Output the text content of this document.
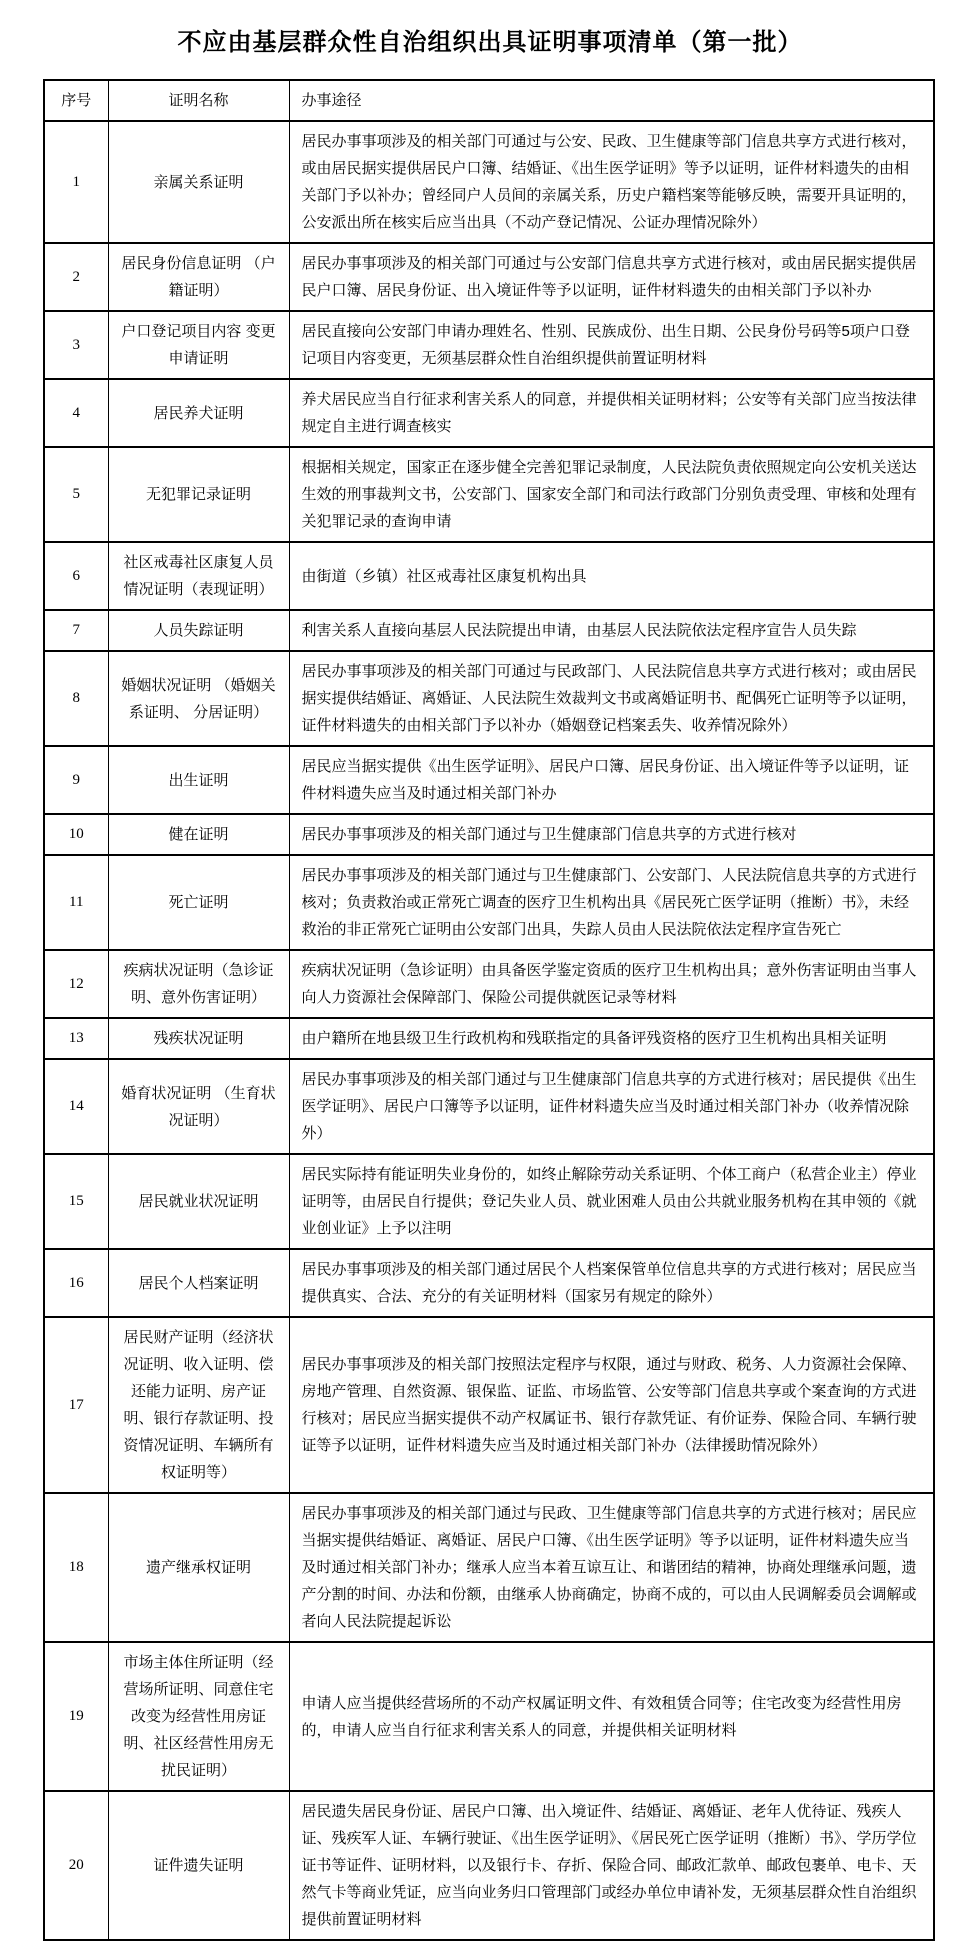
不应由基层群众性自治组织出具证明事项清单（第一批）
序号	证明名称	办事途径
1	亲属关系证明	居民办事事项涉及的相关部门可通过与公安、民政、卫生健康等部门信息共享方式进行核对，或由居民据实提供居民户口簿、结婚证、《出生医学证明》等予以证明，证件材料遗失的由相关部门予以补办；曾经同户人员间的亲属关系，历史户籍档案等能够反映，需要开具证明的，公安派出所在核实后应当出具（不动产登记情况、公证办理情况除外）
2	居民身份信息证明 （户籍证明）	居民办事事项涉及的相关部门可通过与公安部门信息共享方式进行核对，或由居民据实提供居民户口簿、居民身份证、出入境证件等予以证明，证件材料遗失的由相关部门予以补办
3	户口登记项目内容 变更申请证明	居民直接向公安部门申请办理姓名、性别、民族成份、出生日期、公民身份号码等5项户口登记项目内容变更，无须基层群众性自治组织提供前置证明材料
4	居民养犬证明	养犬居民应当自行征求利害关系人的同意，并提供相关证明材料；公安等有关部门应当按法律规定自主进行调查核实
5	无犯罪记录证明	根据相关规定，国家正在逐步健全完善犯罪记录制度，人民法院负责依照规定向公安机关送达生效的刑事裁判文书，公安部门、国家安全部门和司法行政部门分别负责受理、审核和处理有关犯罪记录的查询申请
6	社区戒毒社区康复人员情况证明（表现证明）	由街道（乡镇）社区戒毒社区康复机构出具
7	人员失踪证明	利害关系人直接向基层人民法院提出申请，由基层人民法院依法定程序宣告人员失踪
8	婚姻状况证明 （婚姻关系证明、 分居证明）	居民办事事项涉及的相关部门可通过与民政部门、人民法院信息共享方式进行核对；或由居民据实提供结婚证、离婚证、人民法院生效裁判文书或离婚证明书、配偶死亡证明等予以证明，证件材料遗失的由相关部门予以补办（婚姻登记档案丢失、收养情况除外）
9	出生证明	居民应当据实提供《出生医学证明》、居民户口簿、居民身份证、出入境证件等予以证明，证件材料遗失应当及时通过相关部门补办
10	健在证明	居民办事事项涉及的相关部门通过与卫生健康部门信息共享的方式进行核对
11	死亡证明	居民办事事项涉及的相关部门通过与卫生健康部门、公安部门、人民法院信息共享的方式进行核对；负责救治或正常死亡调查的医疗卫生机构出具《居民死亡医学证明（推断）书》，未经救治的非正常死亡证明由公安部门出具，失踪人员由人民法院依法定程序宣告死亡
12	疾病状况证明（急诊证明、意外伤害证明）	疾病状况证明（急诊证明）由具备医学鉴定资质的医疗卫生机构出具；意外伤害证明由当事人向人力资源社会保障部门、保险公司提供就医记录等材料
13	残疾状况证明	由户籍所在地县级卫生行政机构和残联指定的具备评残资格的医疗卫生机构出具相关证明
14	婚育状况证明 （生育状况证明）	居民办事事项涉及的相关部门通过与卫生健康部门信息共享的方式进行核对；居民提供《出生医学证明》、居民户口簿等予以证明，证件材料遗失应当及时通过相关部门补办（收养情况除外）
15	居民就业状况证明	居民实际持有能证明失业身份的，如终止解除劳动关系证明、个体工商户（私营企业主）停业证明等，由居民自行提供；登记失业人员、就业困难人员由公共就业服务机构在其申领的《就业创业证》上予以注明
16	居民个人档案证明	居民办事事项涉及的相关部门通过居民个人档案保管单位信息共享的方式进行核对；居民应当提供真实、合法、充分的有关证明材料（国家另有规定的除外）
17	居民财产证明（经济状况证明、收入证明、偿还能力证明、房产证明、银行存款证明、投资情况证明、车辆所有权证明等）	居民办事事项涉及的相关部门按照法定程序与权限，通过与财政、税务、人力资源社会保障、房地产管理、自然资源、银保监、证监、市场监管、公安等部门信息共享或个案查询的方式进行核对；居民应当据实提供不动产权属证书、银行存款凭证、有价证券、保险合同、车辆行驶证等予以证明，证件材料遗失应当及时通过相关部门补办（法律援助情况除外）
18	遗产继承权证明	居民办事事项涉及的相关部门通过与民政、卫生健康等部门信息共享的方式进行核对；居民应当据实提供结婚证、离婚证、居民户口簿、《出生医学证明》等予以证明，证件材料遗失应当及时通过相关部门补办；继承人应当本着互谅互让、和谐团结的精神，协商处理继承问题，遗产分割的时间、办法和份额，由继承人协商确定，协商不成的，可以由人民调解委员会调解或者向人民法院提起诉讼
19	市场主体住所证明（经营场所证明、同意住宅改变为经营性用房证明、社区经营性用房无扰民证明）	申请人应当提供经营场所的不动产权属证明文件、有效租赁合同等；住宅改变为经营性用房的，申请人应当自行征求利害关系人的同意，并提供相关证明材料
20	证件遗失证明	居民遗失居民身份证、居民户口簿、出入境证件、结婚证、离婚证、老年人优待证、残疾人证、残疾军人证、车辆行驶证、《出生医学证明》、《居民死亡医学证明（推断）书》、学历学位证书等证件、证明材料，以及银行卡、存折、保险合同、邮政汇款单、邮政包裹单、电卡、天然气卡等商业凭证，应当向业务归口管理部门或经办单位申请补发，无须基层群众性自治组织提供前置证明材料
